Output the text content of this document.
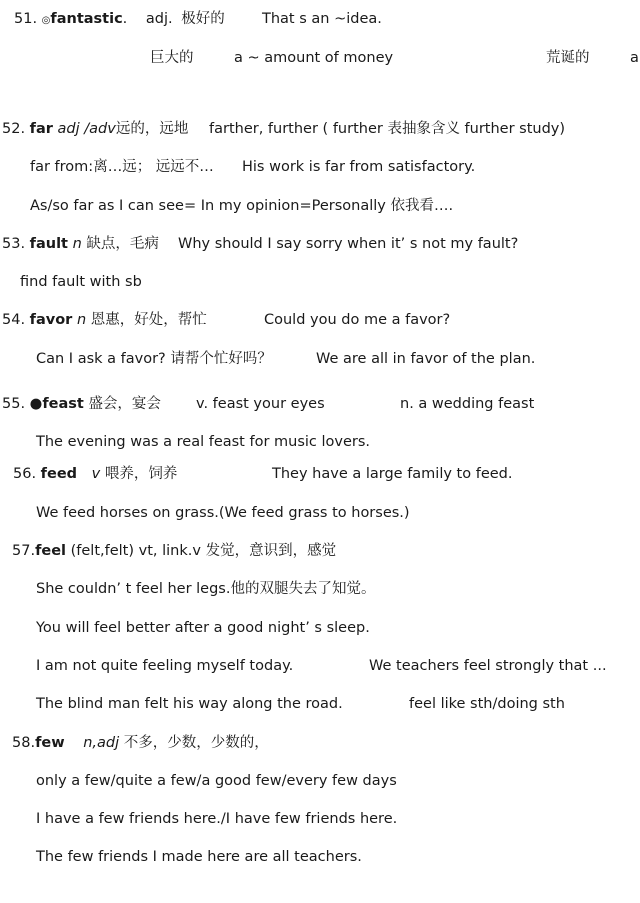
51. ◎fantastic. adj. 极好的	That s an ~idea.
巨大的	a ~ amount of money	荒诞的	a
52. far adj /adv远的，远地 farther, further ( further 表抽象含义 further study)
far from:离…远； 远远不… His work is far from satisfactory.
As/so far as I can see= In my opinion=Personally 依我看….
53. fault n 缺点，毛病 Why should I say sorry when it’ s not my fault?
find fault with sb
54. favor n 恩惠，好处，帮忙	Could you do me a favor?
Can I ask a favor? 请帮个忙好吗？	We are all in favor of the plan.
55. ●feast 盛会，宴会 v. feast your eyes	n. a wedding feast
The evening was a real feast for music lovers.
56. feed v 喂养，饲养	They have a large family to feed.
We feed horses on grass.(We feed grass to horses.)
57.feel (felt,felt) vt, link.v 发觉，意识到，感觉
She couldn’ t feel her legs.他的双腿失去了知觉。
You will feel better after a good night’ s sleep.
I am not quite feeling myself today.	We teachers feel strongly that ...
The blind man felt his way along the road.	feel like sth/doing sth
58.few n,adj 不多，少数，少数的，
only a few/quite a few/a good few/every few days
I have a few friends here./I have few friends here.
The few friends I made here are all teachers.
